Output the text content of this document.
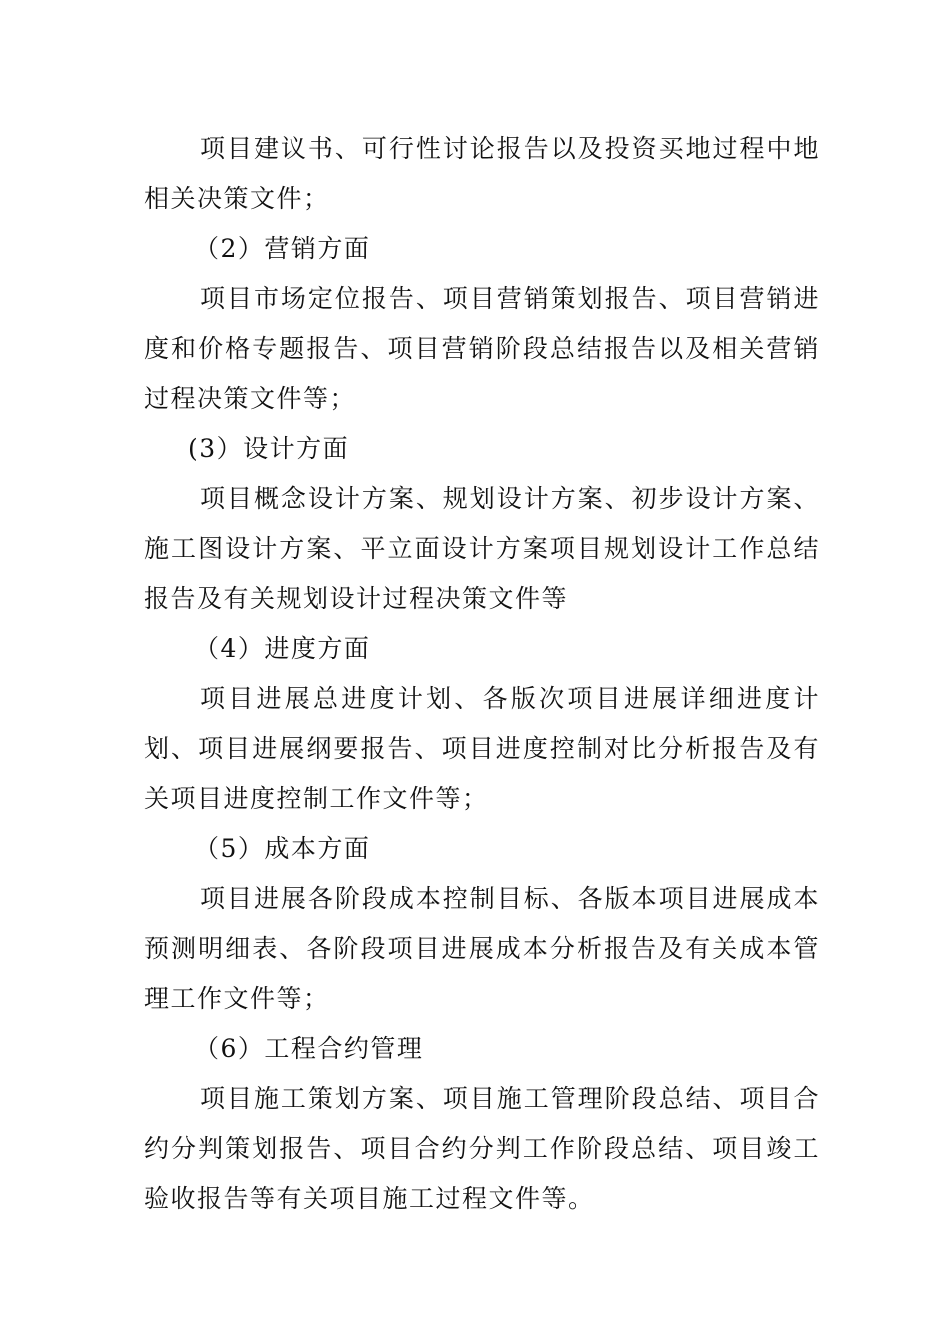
项目建议书、可行性讨论报告以及投资买地过程中地相关决策文件；

（2）营销方面

项目市场定位报告、项目营销策划报告、项目营销进度和价格专题报告、项目营销阶段总结报告以及相关营销过程决策文件等；

(3）设计方面

项目概念设计方案、规划设计方案、初步设计方案、施工图设计方案、平立面设计方案项目规划设计工作总结报告及有关规划设计过程决策文件等

（4）进度方面

项目进展总进度计划、各版次项目进展详细进度计划、项目进展纲要报告、项目进度控制对比分析报告及有关项目进度控制工作文件等；

（5）成本方面

项目进展各阶段成本控制目标、各版本项目进展成本预测明细表、各阶段项目进展成本分析报告及有关成本管理工作文件等；

（6）工程合约管理

项目施工策划方案、项目施工管理阶段总结、项目合约分判策划报告、项目合约分判工作阶段总结、项目竣工验收报告等有关项目施工过程文件等。
